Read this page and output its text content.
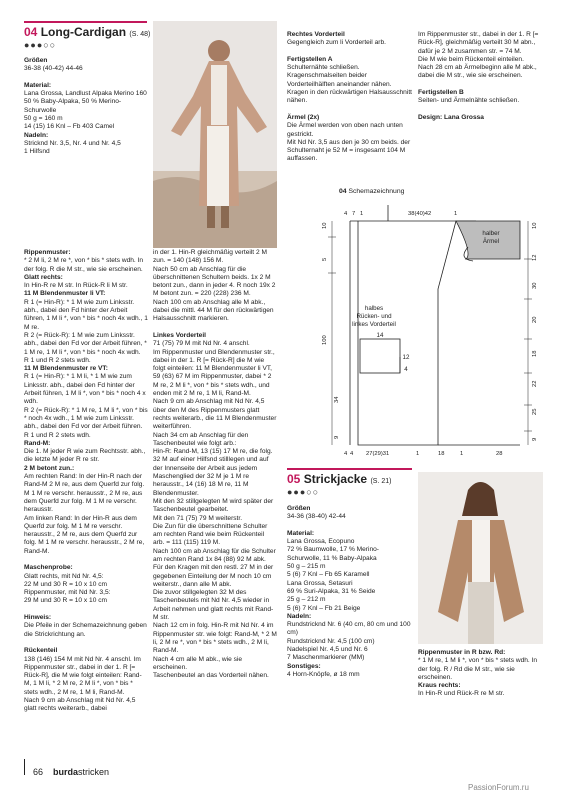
04 Long-Cardigan (S. 48)
●●●○○
Größen
36-38 (40-42) 44-46

Material:
Lana Grossa, Landlust Alpaka Merino 160
50 % Baby-Alpaka, 50 % Merino-Schurwolle
50 g = 160 m
14 (15) 16 Knl – Fb 403 Camel
Nadeln:
Stricknd Nr. 3,5, Nr. 4 und Nr. 4,5
1 Hilfsnd
Rippenmuster:
* 2 M li, 2 M re *, von * bis * stets wdh. In der folg. R die M str., wie sie erscheinen.
Glatt rechts:
In Hin-R re M str. In Rück-R li M str.
11 M Blendenmuster li VT:
R 1 (= Hin-R): * 1 M wie zum Linksstr. abh., dabei den Fd hinter der Arbeit führen, 1 M li *, von * bis * noch 4x wdh., 1 M re.
R 2 (= Rück-R): 1 M wie zum Linksstr. abh., dabei den Fd vor der Arbeit führen, * 1 M re, 1 M li *, von * bis * noch 4x wdh.
R 1 und R 2 stets wdh.
11 M Blendenmuster re VT:
R 1 (= Hin-R): * 1 M li, * 1 M wie zum Linksstr. abh., dabei den Fd hinter der Arbeit führen, 1 M li *, von * bis * noch 4 x wdh.
R 2 (= Rück-R): * 1 M re, 1 M li *, von * bis * noch 4x wdh., 1 M wie zum Linksstr. abh., dabei den Fd vor der Arbeit führen.
R 1 und R 2 stets wdh.
Rand-M:
Die 1. M jeder R wie zum Rechtsstr. abh., die letzte M jeder R re str.
2 M betont zun.:
Am rechten Rand: In der Hin-R nach der Rand-M 2 M re, aus dem Querfd zur folg. M 1 M re verschr. herausstr., 2 M re, aus dem Querfd zur folg. M 1 M re verschr. herausstr.
Am linken Rand: In der Hin-R aus dem Querfd zur folg. M 1 M re verschr. herausstr., 2 M re, aus dem Querfd zur folg. M 1 M re verschr. herausstr., 2 M re, Rand-M.

Maschenprobe:
Glatt rechts, mit Nd Nr. 4,5:
22 M und 30 R = 10 x 10 cm
Rippenmuster, mit Nd Nr. 3,5:
29 M und 30 R = 10 x 10 cm

Hinweis:
Die Pfeile in der Schemazeichnung geben die Strickrichtung an.

Rückenteil
138 (146) 154 M mit Nd Nr. 4 anschl. Im Rippenmuster str., dabei in der 1. R [= Rück-R], die M wie folgt einteilen: Rand-M, 1 M li, * 2 M re, 2 M li *, von * bis * stets wdh., 2 M re, 1 M li, Rand-M.
Nach 9 cm ab Anschlag mit Nd Nr. 4,5 glatt rechts weiterarb., dabei
in der 1. Hin-R gleichmäßig verteilt 2 M zun. = 140 (148) 156 M.
Nach 50 cm ab Anschlag für die überschnittenen Schultern beids. 1x 2 M betont zun., dann in jeder 4. R noch 19x 2 M betont zun. = 220 (228) 236 M.
Nach 100 cm ab Anschlag alle M abk., dabei die mittl. 44 M für den rückwärtigen Halsausschnitt markieren.

Linkes Vorderteil
71 (75) 79 M mit Nd Nr. 4 anschl.
Im Rippenmuster und Blendenmuster str., dabei in der 1. R [= Rück-R] die M wie folgt einteilen: 11 M Blendenmuster li VT, 59 (63) 67 M im Rippenmuster, dabei * 2 M re, 2 M li *, von * bis * stets wdh., und enden mit 2 M re, 1 M li, Rand-M.
Nach 9 cm ab Anschlag mit Nd Nr. 4,5 über den M des Rippenmusters glatt rechts weiterarb., die 11 M Blendenmuster weiterführen.
Nach 34 cm ab Anschlag für den Taschenbeutel wie folgt arb.:
Hin-R: Rand-M, 13 (15) 17 M re, die folg. 32 M auf einer Hilfsnd stilllegen und auf der Innenseite der Arbeit aus jedem Maschenglied der 32 M je 1 M re herausstr., 14 (16) 18 M re, 11 M Blendenmuster.
Mit den 32 stillgelegten M wird später der Taschenbeutel gearbeitet.
Mit den 71 (75) 79 M weiterstr.
Die Zun für die überschnittene Schulter am rechten Rand wie beim Rückenteil arb. = 111 (115) 119 M.
Nach 100 cm ab Anschlag für die Schulter am rechten Rand 1x 84 (88) 92 M abk.
Für den Kragen mit den restl. 27 M in der gegebenen Einteilung der M noch 10 cm weiterstr., dann alle M abk.
Die zuvor stillgelegten 32 M des Taschenbeutels mit Nd Nr. 4,5 wieder in Arbeit nehmen und glatt rechts mit Rand-M str.
Nach 12 cm in folg. Hin-R mit Nd Nr. 4 im Rippenmuster str. wie folgt: Rand-M, * 2 M li, 2 M re *, von * bis * stets wdh., 2 M li, Rand-M.
Nach 4 cm alle M abk., wie sie erscheinen.
Taschenbeutel an das Vorderteil nähen.
Rechtes Vorderteil
Gegengleich zum li Vorderteil arb.

Fertigstellen A
Schulternähte schließen. Kragenschmalseiten beider Vorderteilhälften aneinander nähen. Kragen in den rückwärtigen Halsausschnitt nähen.

Ärmel (2x)
Die Ärmel werden von oben nach unten gestrickt.
Mit Nd Nr. 3,5 aus den je 30 cm beids. der Schulternaht je 52 M = insgesamt 104 M auffassen.
Im Rippenmuster str., dabei in der 1. R [= Rück-R], gleichmäßig verteilt 30 M abn., dafür je 2 M zusammen str. = 74 M.
Die M wie beim Rückenteil einteilen.
Nach 28 cm ab Ärmelbeginn alle M abk., dabei die M str., wie sie erscheinen.

Fertigstellen B
Seiten- und Ärmelnähte schließen.

Design: Lana Grossa
04 Schemazeichnung
halber
Ärmel
halbes
Rücken- und
linkes Vorderteil
14
12
4
4 7 1	38(40)42	1
4 4 27(29)31	1	18	1	28
10
5
100
34
9
10
12
30
20
18
22
25
9
05 Strickjacke (S. 21)
●●●○○
Größen
34-36 (38-40) 42-44

Material:
Lana Grossa, Ecopuno
72 % Baumwolle, 17 % Merino-Schurwolle, 11 % Baby-Alpaka
50 g – 215 m
5 (6) 7 Knl – Fb 65 Karamell
Lana Grossa, Setasuri
69 % Suri-Alpaka, 31 % Seide
25 g – 212 m
5 (6) 7 Knl – Fb 21 Beige
Nadeln:
Rundstricknd Nr. 6 (40 cm, 80 cm und 100 cm)
Rundstricknd Nr. 4,5 (100 cm)
Nadelspiel Nr. 4,5 und Nr. 6
7 Maschenmarkierer (MM)
Sonstiges:
4 Horn-Knöpfe, ø 18 mm
Rippenmuster in R bzw. Rd:
* 1 M re, 1 M li *, von * bis * stets wdh. In der folg. R / Rd die M str., wie sie erscheinen.
Kraus rechts:
In Hin-R und Rück-R re M str.
66 burdastricken
PassionForum.ru
